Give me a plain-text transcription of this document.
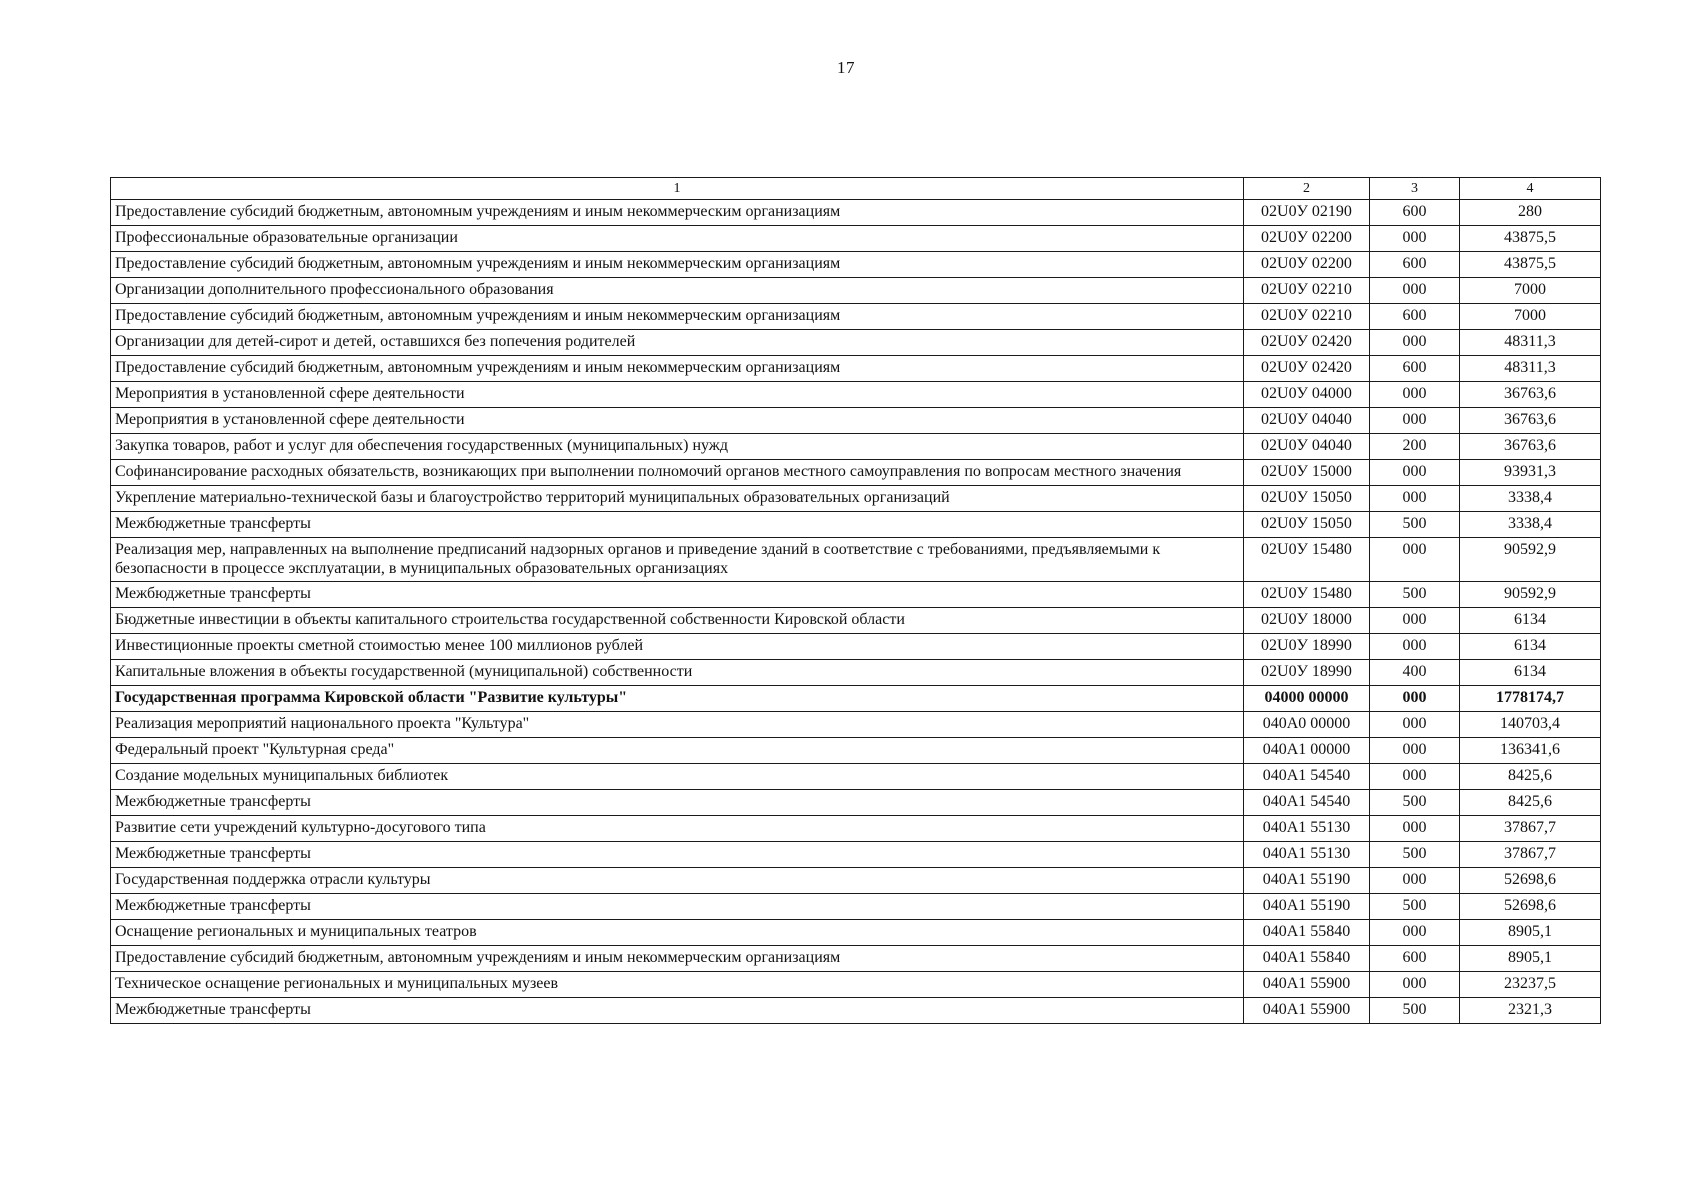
17
1	2	3	4
Предоставление субсидий бюджетным, автономным учреждениям и иным некоммерческим организациям	02U0У 02190	600	280
Профессиональные образовательные организации	02U0У 02200	000	43875,5
Предоставление субсидий бюджетным, автономным учреждениям и иным некоммерческим организациям	02U0У 02200	600	43875,5
Организации дополнительного профессионального образования	02U0У 02210	000	7000
Предоставление субсидий бюджетным, автономным учреждениям и иным некоммерческим организациям	02U0У 02210	600	7000
Организации для детей-сирот и детей, оставшихся без попечения родителей	02U0У 02420	000	48311,3
Предоставление субсидий бюджетным, автономным учреждениям и иным некоммерческим организациям	02U0У 02420	600	48311,3
Мероприятия в установленной сфере деятельности	02U0У 04000	000	36763,6
Мероприятия в установленной сфере деятельности	02U0У 04040	000	36763,6
Закупка товаров, работ и услуг для обеспечения государственных (муниципальных) нужд	02U0У 04040	200	36763,6
Софинансирование расходных обязательств, возникающих при выполнении полномочий органов местного самоуправления по вопросам местного значения	02U0У 15000	000	93931,3
Укрепление материально-технической базы и благоустройство территорий муниципальных образовательных организаций	02U0У 15050	000	3338,4
Межбюджетные трансферты	02U0У 15050	500	3338,4
Реализация мер, направленных на выполнение предписаний надзорных органов и приведение зданий в соответствие с требованиями, предъявляемыми к безопасности в процессе эксплуатации, в муниципальных образовательных организациях	02U0У 15480	000	90592,9
Межбюджетные трансферты	02U0У 15480	500	90592,9
Бюджетные инвестиции в объекты капитального строительства государственной собственности Кировской области	02U0У 18000	000	6134
Инвестиционные проекты сметной стоимостью менее 100 миллионов рублей	02U0У 18990	000	6134
Капитальные вложения в объекты государственной (муниципальной) собственности	02U0У 18990	400	6134
Государственная программа Кировской области "Развитие культуры"	04000 00000	000	1778174,7
Реализация мероприятий национального проекта "Культура"	040A0 00000	000	140703,4
Федеральный проект "Культурная среда"	040A1 00000	000	136341,6
Создание модельных муниципальных библиотек	040A1 54540	000	8425,6
Межбюджетные трансферты	040A1 54540	500	8425,6
Развитие сети учреждений культурно-досугового типа	040A1 55130	000	37867,7
Межбюджетные трансферты	040A1 55130	500	37867,7
Государственная поддержка отрасли культуры	040A1 55190	000	52698,6
Межбюджетные трансферты	040A1 55190	500	52698,6
Оснащение региональных и муниципальных театров	040A1 55840	000	8905,1
Предоставление субсидий бюджетным, автономным учреждениям и иным некоммерческим организациям	040A1 55840	600	8905,1
Техническое оснащение региональных и муниципальных музеев	040A1 55900	000	23237,5
Межбюджетные трансферты	040A1 55900	500	2321,3
